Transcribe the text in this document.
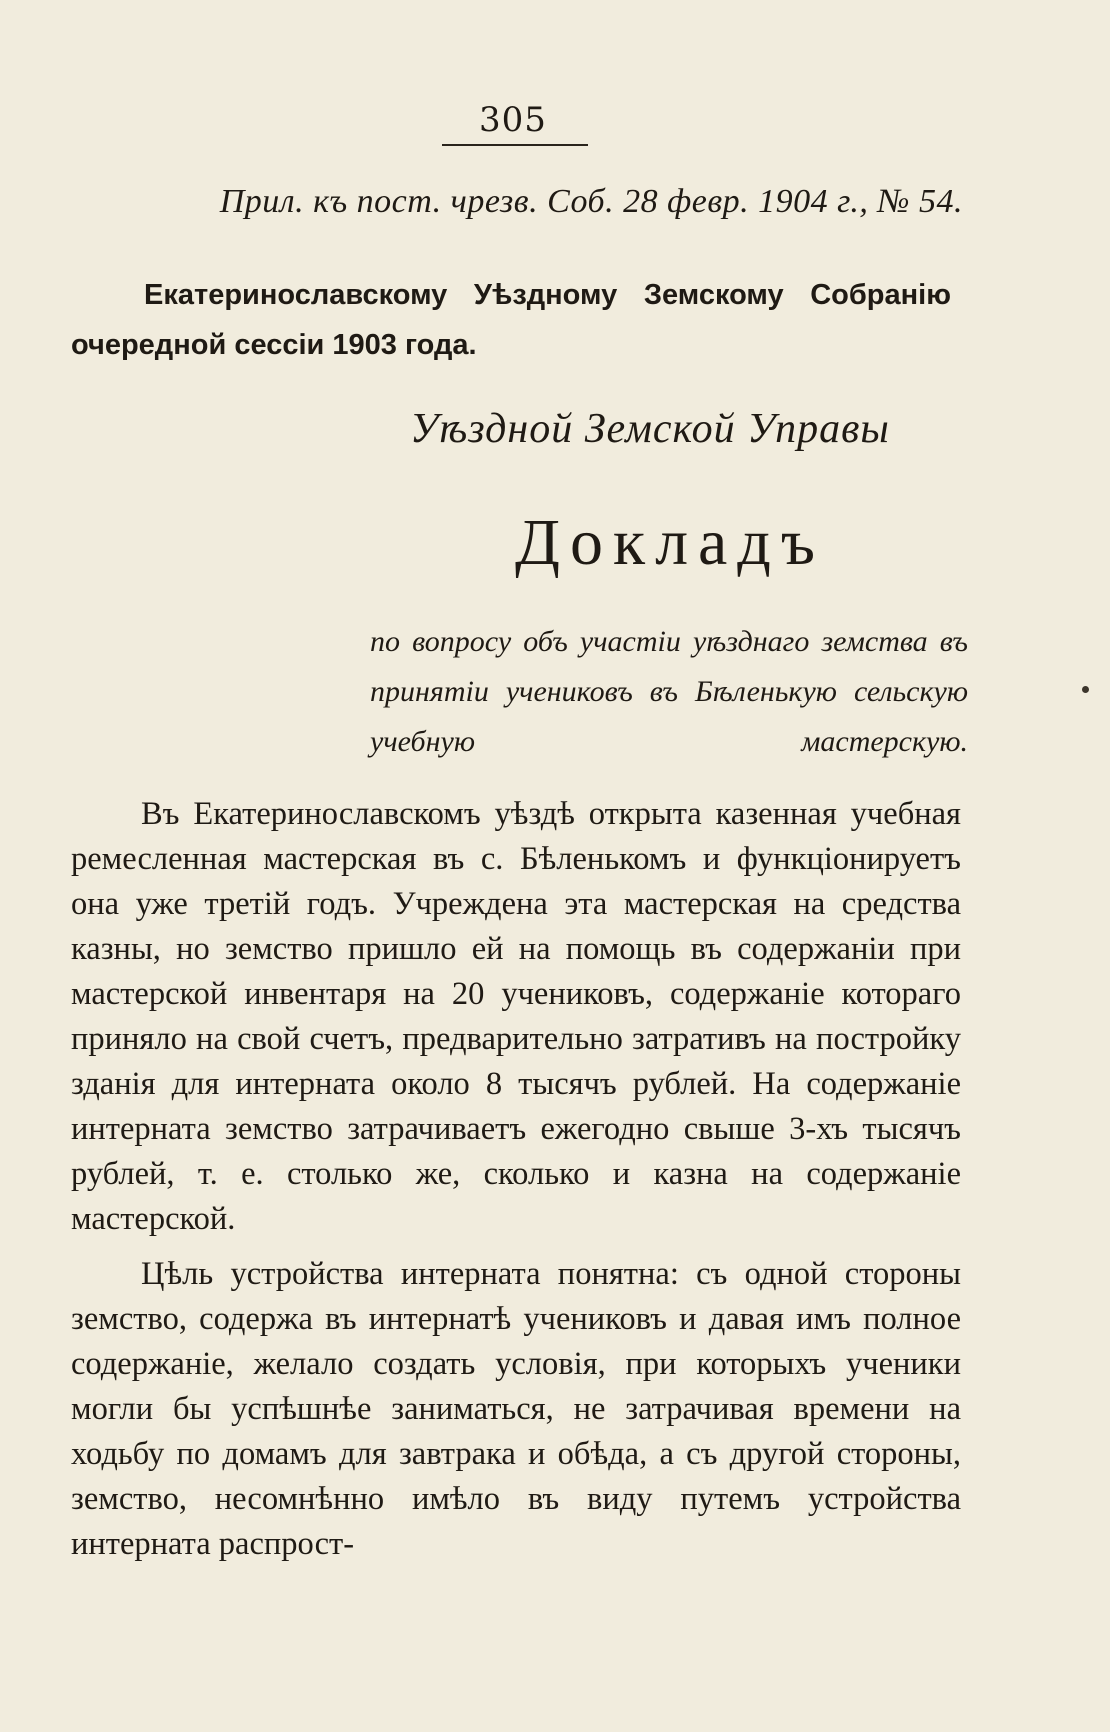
305
Прил. къ пост. чрезв. Соб. 28 февр. 1904 г., № 54.
Екатеринославскому Уѣздному Земскому Собранію очередной сессіи 1903 года.
Уѣздной Земской Управы
Докладъ
по вопросу объ участіи уѣзднаго земства въ принятіи учениковъ въ Бѣленькую сельскую учебную мастерскую.

Въ Екатеринославскомъ уѣздѣ открыта казенная учебная ремесленная мастерская въ с. Бѣленькомъ и функціонируетъ она уже третій годъ. Учреждена эта мастерская на средства казны, но земство пришло ей на помощь въ содержаніи при мастерской инвентаря на 20 учениковъ, содержаніе котораго приняло на свой счетъ, предварительно затративъ на постройку зданія для интерната около 8 тысячъ рублей. На содержаніе интерната земство затрачиваетъ ежегодно свыше 3-хъ тысячъ рублей, т. е. столько же, сколько и казна на содержаніе мастерской.

Цѣль устройства интерната понятна: съ одной стороны земство, содержа въ интернатѣ учениковъ и давая имъ полное содержаніе, желало создать условія, при которыхъ ученики могли бы успѣшнѣе заниматься, не затрачивая времени на ходьбу по домамъ для завтрака и обѣда, а съ другой стороны, земство, несомнѣнно имѣло въ виду путемъ устройства интерната распрост-
